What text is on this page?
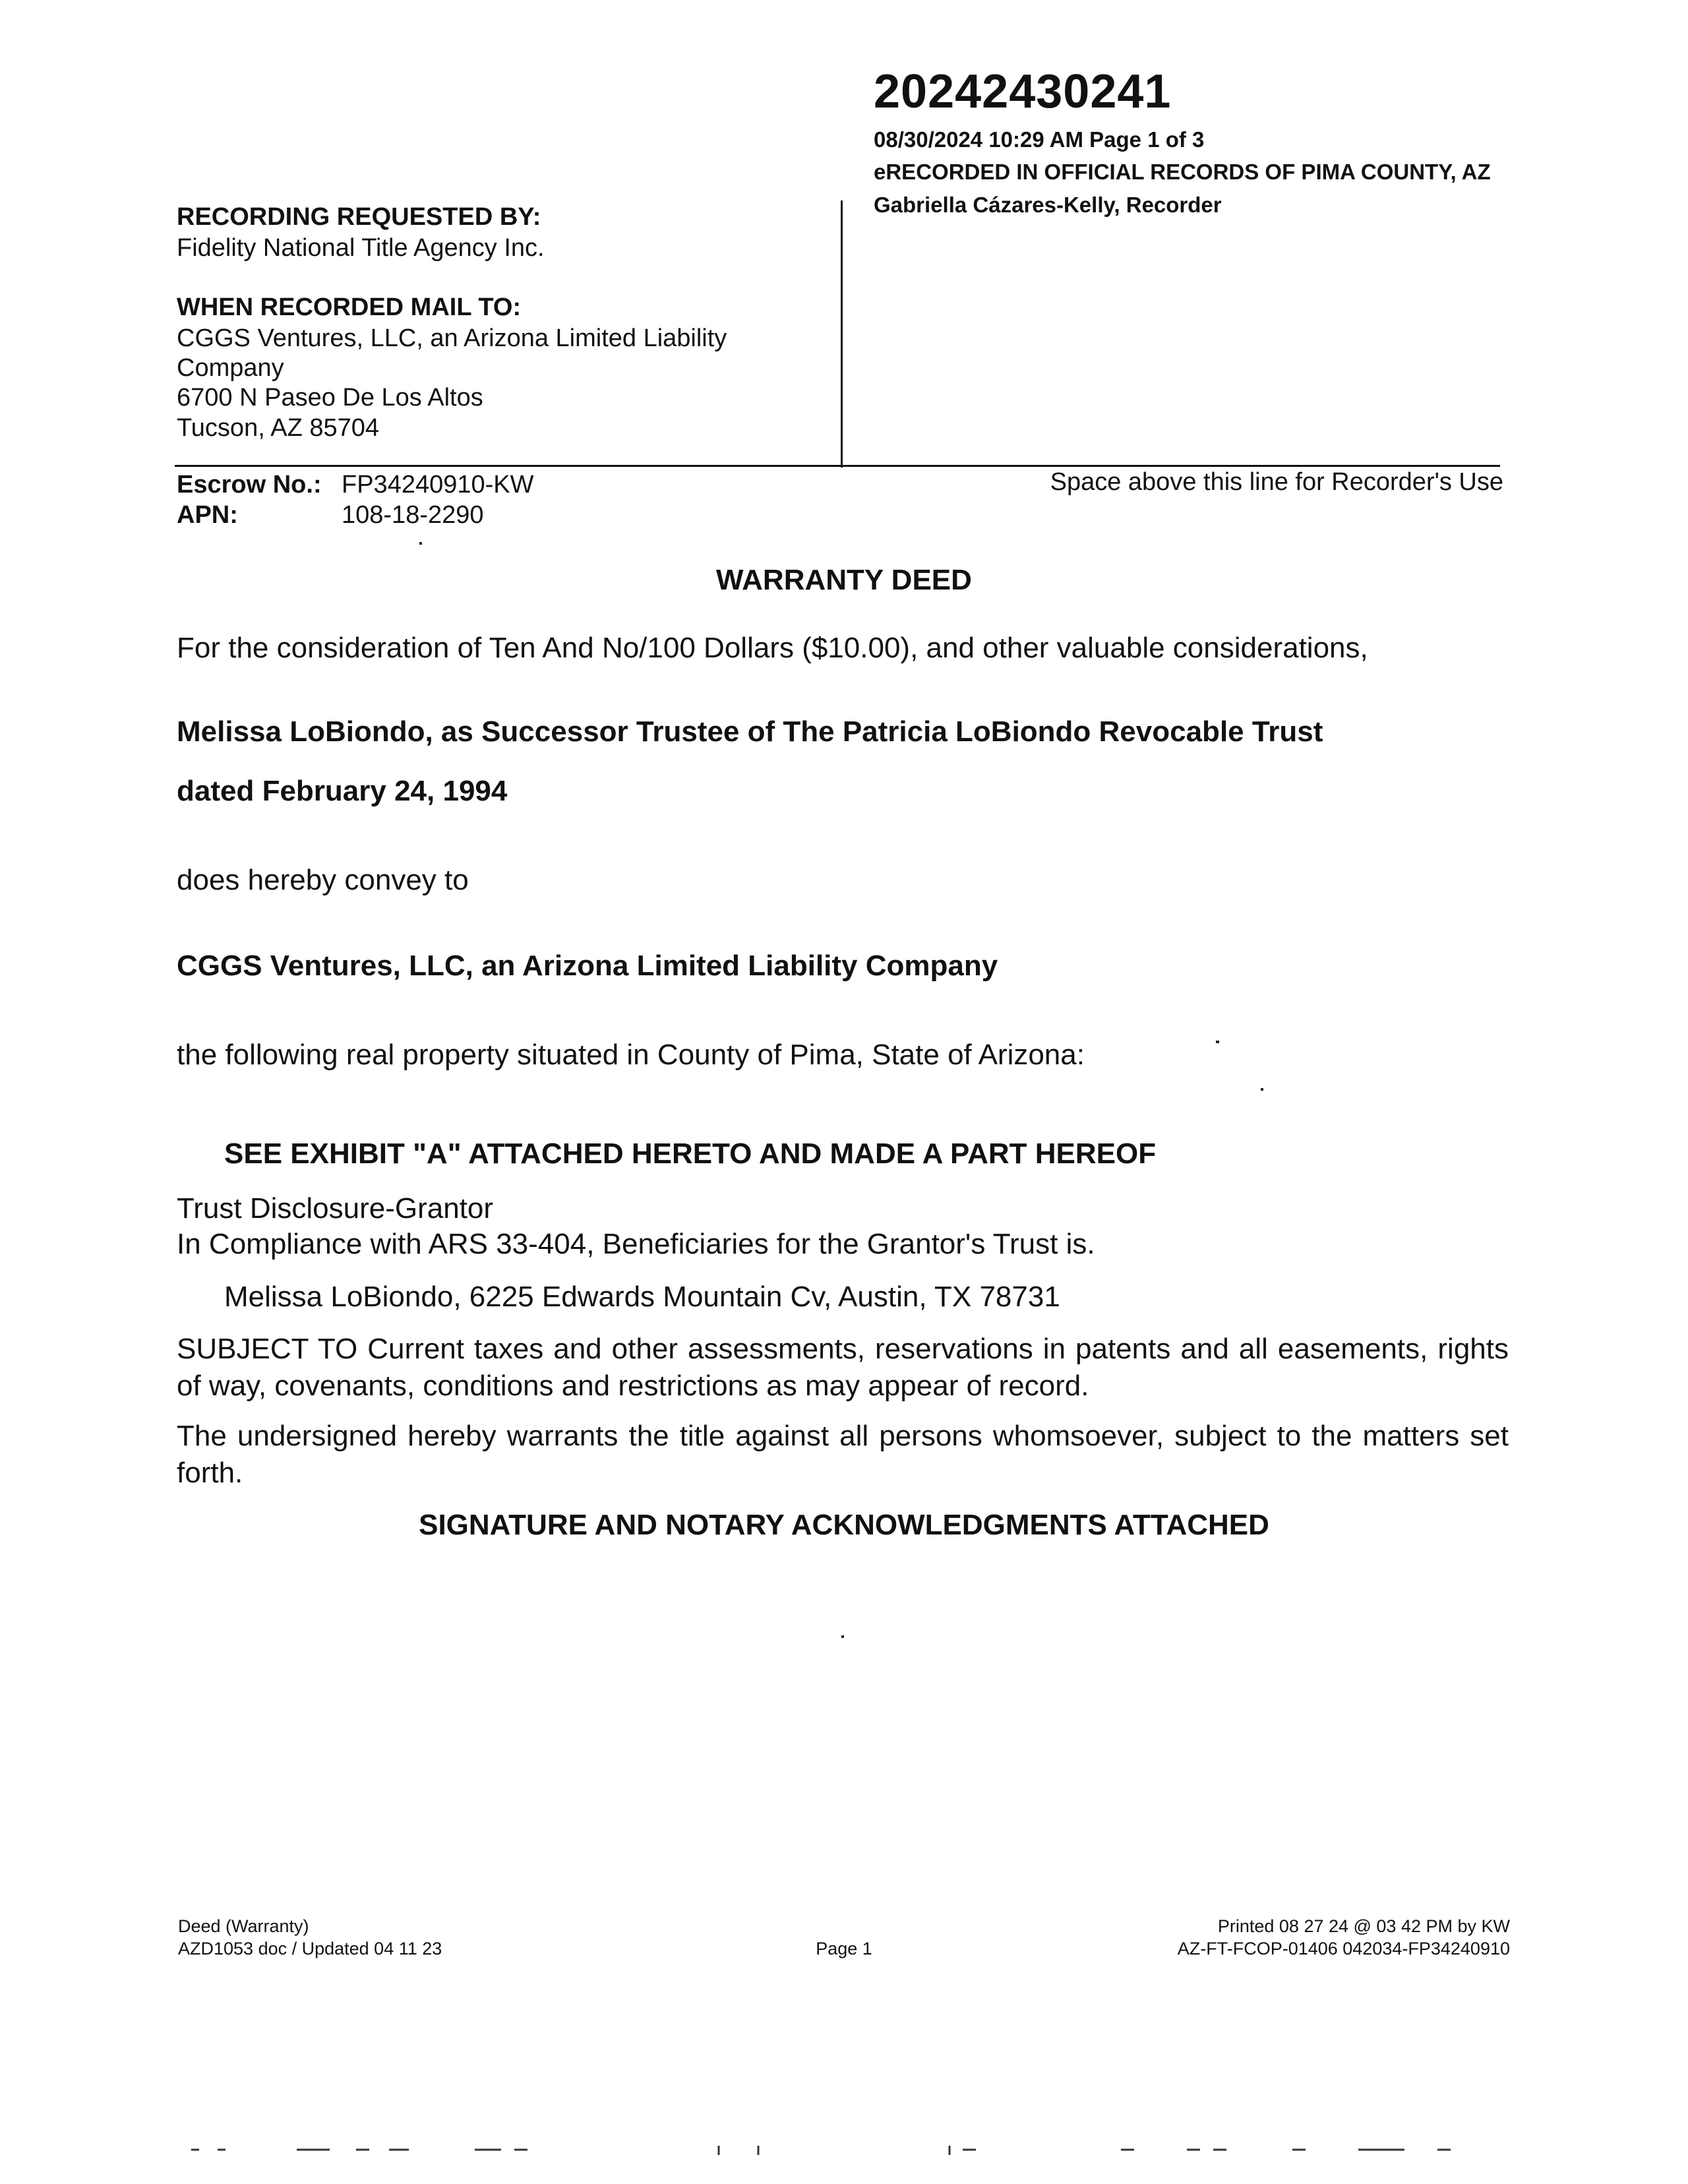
20242430241
08/30/2024 10:29 AM Page 1 of 3
eRECORDED IN OFFICIAL RECORDS OF PIMA COUNTY, AZ
Gabriella Cázares-Kelly, Recorder
RECORDING REQUESTED BY:
Fidelity National Title Agency Inc.
WHEN RECORDED MAIL TO:
CGGS Ventures, LLC, an Arizona Limited Liability
Company
6700 N Paseo De Los Altos
Tucson, AZ 85704
Space above this line for Recorder's Use
Escrow No.: FP34240910-KW
APN:	108-18-2290
WARRANTY DEED
For the consideration of Ten And No/100 Dollars ($10.00), and other valuable considerations,
Melissa LoBiondo, as Successor Trustee of The Patricia LoBiondo Revocable Trust
dated February 24, 1994
does hereby convey to
CGGS Ventures, LLC, an Arizona Limited Liability Company
the following real property situated in County of Pima, State of Arizona:
SEE EXHIBIT "A" ATTACHED HERETO AND MADE A PART HEREOF
Trust Disclosure-Grantor
In Compliance with ARS 33-404, Beneficiaries for the Grantor's Trust is.
Melissa LoBiondo, 6225 Edwards Mountain Cv, Austin, TX 78731
SUBJECT TO Current taxes and other assessments, reservations in patents and all easements, rights of way, covenants, conditions and restrictions as may appear of record.
The undersigned hereby warrants the title against all persons whomsoever, subject to the matters set forth.
SIGNATURE AND NOTARY ACKNOWLEDGMENTS ATTACHED
Deed (Warranty)
AZD1053 doc / Updated 04 11 23	Page 1
Printed 08 27 24 @ 03 42 PM by KW
AZ-FT-FCOP-01406 042034-FP34240910
